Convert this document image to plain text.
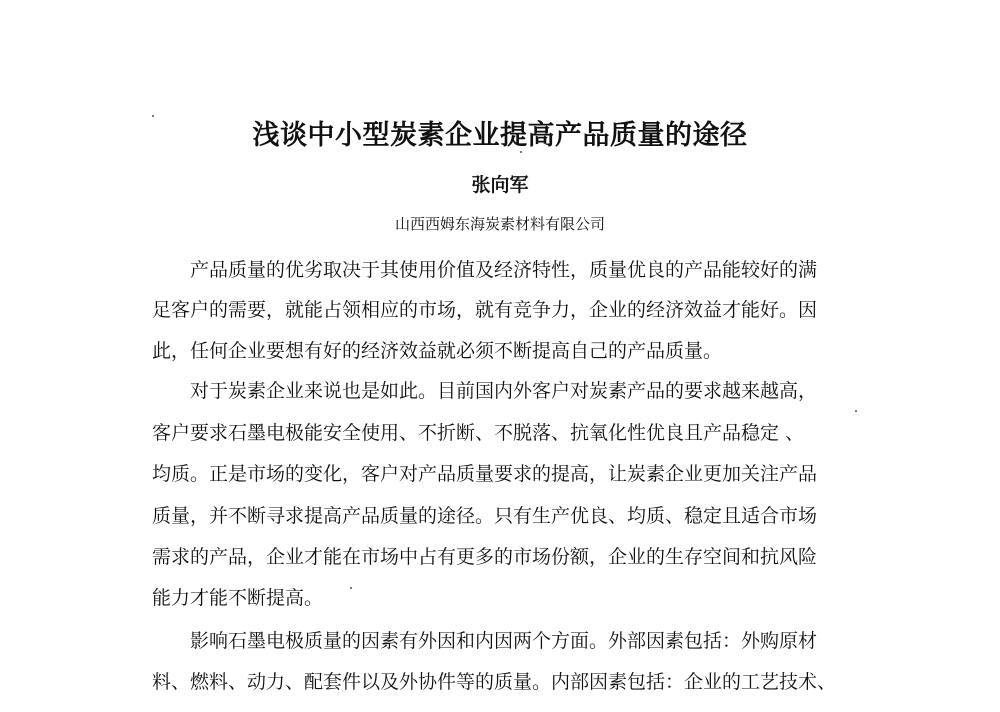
浅谈中小型炭素企业提高产品质量的途径
张向军
山西西姆东海炭素材料有限公司
产品质量的优劣取决于其使用价值及经济特性，质量优良的产品能较好的满
足客户的需要，就能占领相应的市场，就有竞争力，企业的经济效益才能好。因
此，任何企业要想有好的经济效益就必须不断提高自己的产品质量。
对于炭素企业来说也是如此。目前国内外客户对炭素产品的要求越来越高，
客户要求石墨电极能安全使用、不折断、不脱落、抗氧化性优良且产品稳定 、
均质。正是市场的变化，客户对产品质量要求的提高，让炭素企业更加关注产品
质量，并不断寻求提高产品质量的途径。只有生产优良、均质、稳定且适合市场
需求的产品，企业才能在市场中占有更多的市场份额，企业的生存空间和抗风险
能力才能不断提高。
影响石墨电极质量的因素有外因和内因两个方面。外部因素包括：外购原材
料、燃料、动力、配套件以及外协件等的质量。内部因素包括：企业的工艺技术、
